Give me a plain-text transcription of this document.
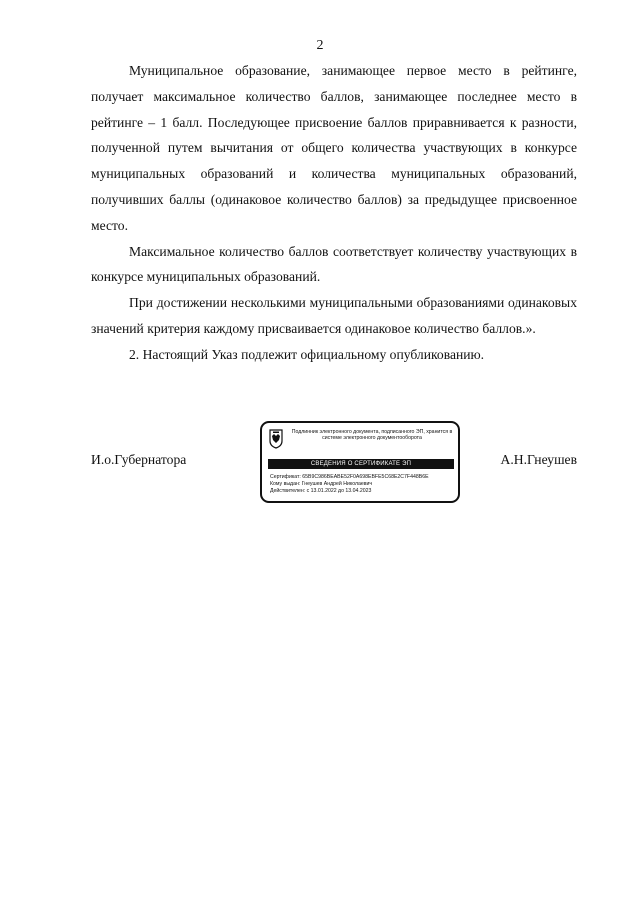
2

Муниципальное образование, занимающее первое место в рейтинге, получает максимальное количество баллов, занимающее последнее место в рейтинге – 1 балл. Последующее присвоение баллов приравнивается к разности, полученной путем вычитания от общего количества участвующих в конкурсе муниципальных образований и количества муниципальных образований, получивших баллы (одинаковое количество баллов) за предыдущее присвоенное место.

Максимальное количество баллов соответствует количеству участвующих в конкурсе муниципальных образований.

При достижении несколькими муниципальными образованиями одинаковых значений критерия каждому присваивается одинаковое количество баллов.».

2. Настоящий Указ подлежит официальному опубликованию.

И.о.Губернатора
Подлинник электронного документа, подписанного ЭП, хранится в системе электронного документооборота
СВЕДЕНИЯ О СЕРТИФИКАТЕ ЭП
Сертификат: 65B9C986BEABE52F0A698EBFE5C68E2C7F448B6E
Кому выдан: Гнеушев Андрей Николаевич
Действителен: с 13.01.2022 до 13.04.2023
А.Н.Гнеушев
